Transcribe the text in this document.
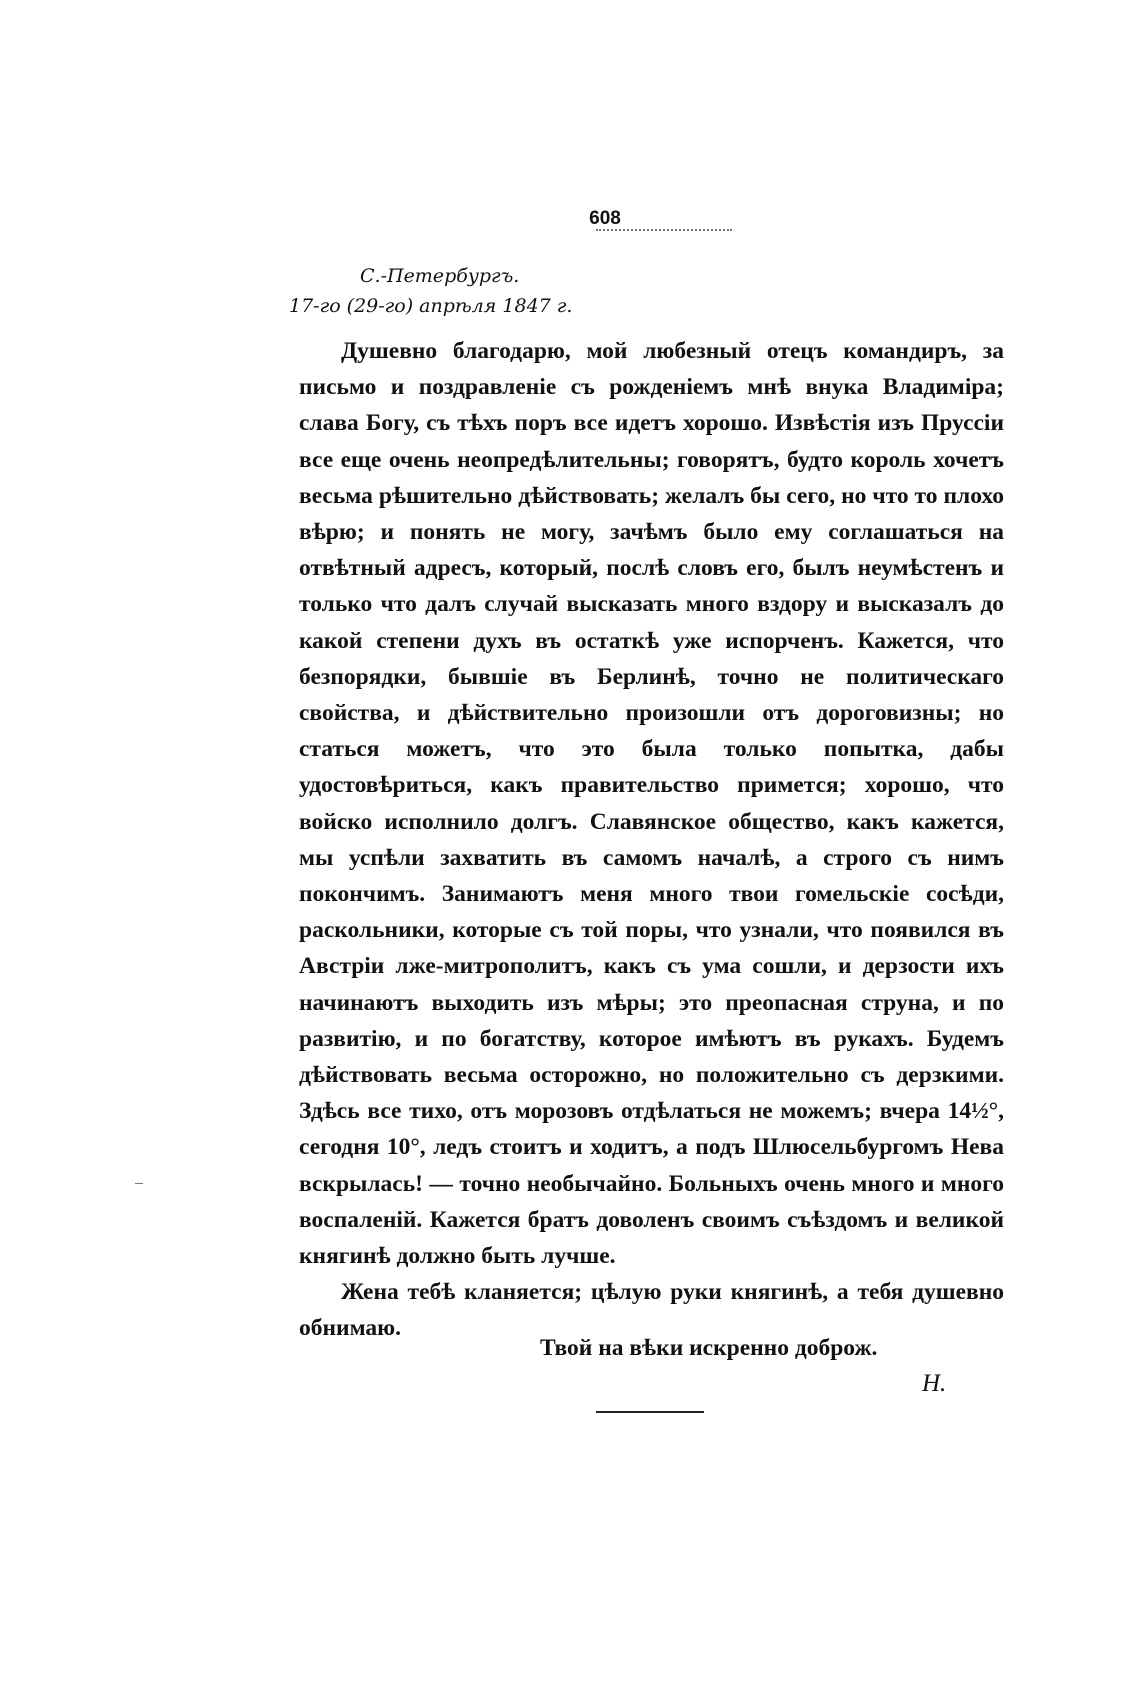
608
С.-Петербургъ.
17-го (29-го) апрѣля 1847 г.

Душевно благодарю, мой любезный отецъ командиръ, за письмо и поздравленіе съ рожденіемъ мнѣ внука Владиміра; слава Богу, съ тѣхъ поръ все идетъ хорошо. Извѣстія изъ Пруссіи все еще очень неопредѣлительны; говорятъ, будто король хочетъ весьма рѣшительно дѣйствовать; желалъ бы сего, но что то плохо вѣрю; и понять не могу, зачѣмъ было ему соглашаться на отвѣтный адресъ, который, послѣ словъ его, былъ неумѣстенъ и только что далъ случай высказать много вздору и высказалъ до какой степени духъ въ остаткѣ уже испорченъ. Кажется, что безпорядки, бывшіе въ Берлинѣ, точно не политическаго свойства, и дѣйствительно произошли отъ дороговизны; но статься можетъ, что это была только попытка, дабы удостовѣриться, какъ правительство примется; хорошо, что войско исполнило долгъ. Славянское общество, какъ кажется, мы успѣли захватить въ самомъ началѣ, а строго съ нимъ покончимъ. Занимаютъ меня много твои гомельскіе сосѣди, раскольники, которые съ той поры, что узнали, что появился въ Австріи лже-митрополитъ, какъ съ ума сошли, и дерзости ихъ начинаютъ выходить изъ мѣры; это преопасная струна, и по развитію, и по богатству, которое имѣютъ въ рукахъ. Будемъ дѣйствовать весьма осторожно, но положительно съ дерзкими. Здѣсь все тихо, отъ морозовъ отдѣлаться не можемъ; вчера 14½°, сегодня 10°, ледъ стоитъ и ходитъ, а подъ Шлюсельбургомъ Нева вскрылась! — точно необычайно. Больныхъ очень много и много воспаленій. Кажется братъ доволенъ своимъ съѣздомъ и великой княгинѣ должно быть лучше.

Жена тебѣ кланяется; цѣлую руки княгинѣ, а тебя душевно обнимаю.

Твой на вѣки искренно доброж.
Н.
